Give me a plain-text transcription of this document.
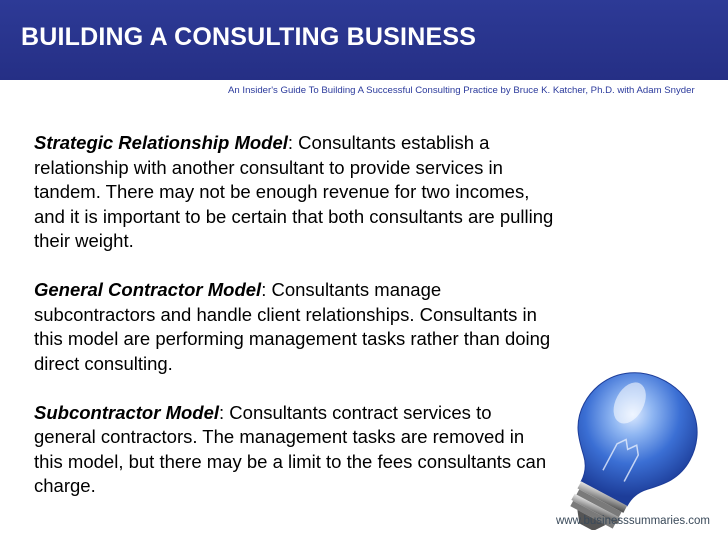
BUILDING A CONSULTING BUSINESS
An Insider's Guide To Building A Successful Consulting Practice by Bruce K. Katcher, Ph.D. with Adam Snyder

Strategic Relationship Model: Consultants establish a relationship with another consultant to provide services in tandem. There may not be enough revenue for two incomes, and it is important to be certain that both consultants are pulling their weight.

General Contractor Model: Consultants manage subcontractors and handle client relationships. Consultants in this model are performing management tasks rather than doing direct consulting.

Subcontractor Model: Consultants contract services to general contractors. The management tasks are removed in this model, but there may be a limit to the fees consultants can charge.

www.businesssummaries.com
